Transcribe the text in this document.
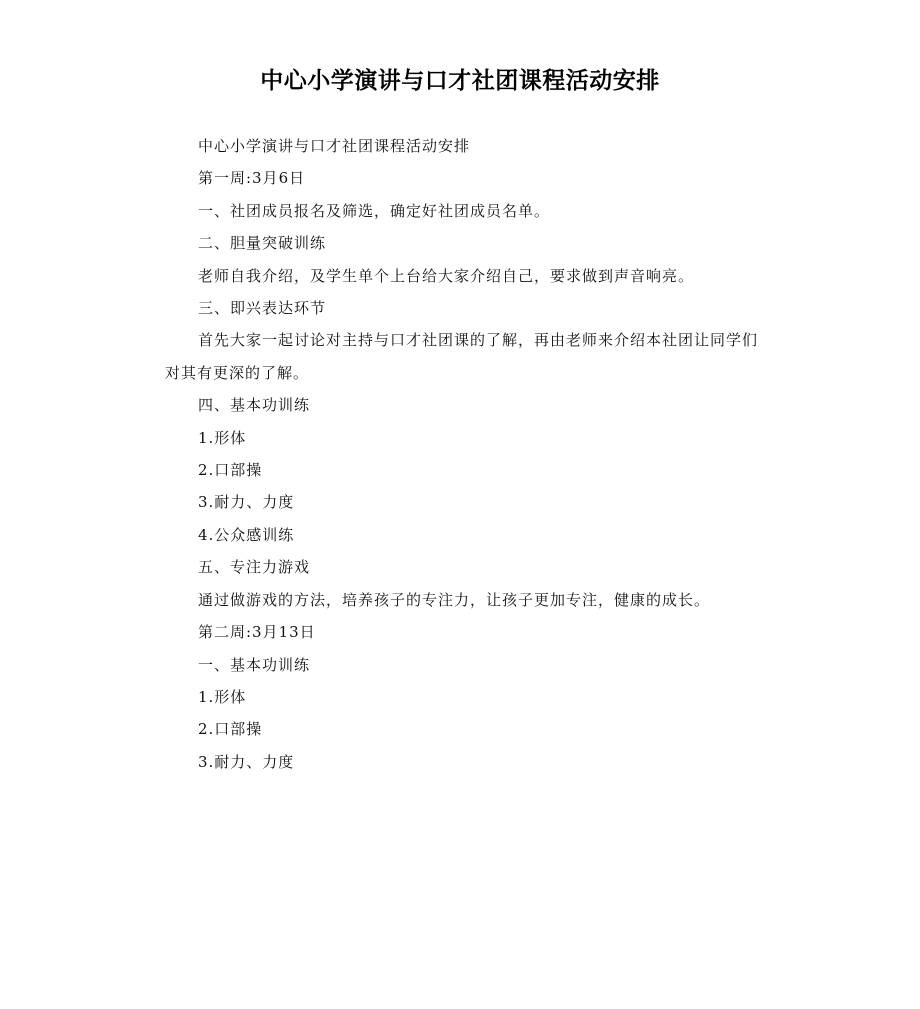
中心小学演讲与口才社团课程活动安排

中心小学演讲与口才社团课程活动安排

第一周:3月6日

一、社团成员报名及筛选，确定好社团成员名单。

二、胆量突破训练

老师自我介绍，及学生单个上台给大家介绍自己，要求做到声音响亮。

三、即兴表达环节

首先大家一起讨论对主持与口才社团课的了解，再由老师来介绍本社团让同学们对其有更深的了解。

四、基本功训练

1.形体

2.口部操

3.耐力、力度

4.公众感训练

五、专注力游戏

通过做游戏的方法，培养孩子的专注力，让孩子更加专注，健康的成长。

第二周:3月13日

一、基本功训练

1.形体

2.口部操

3.耐力、力度
